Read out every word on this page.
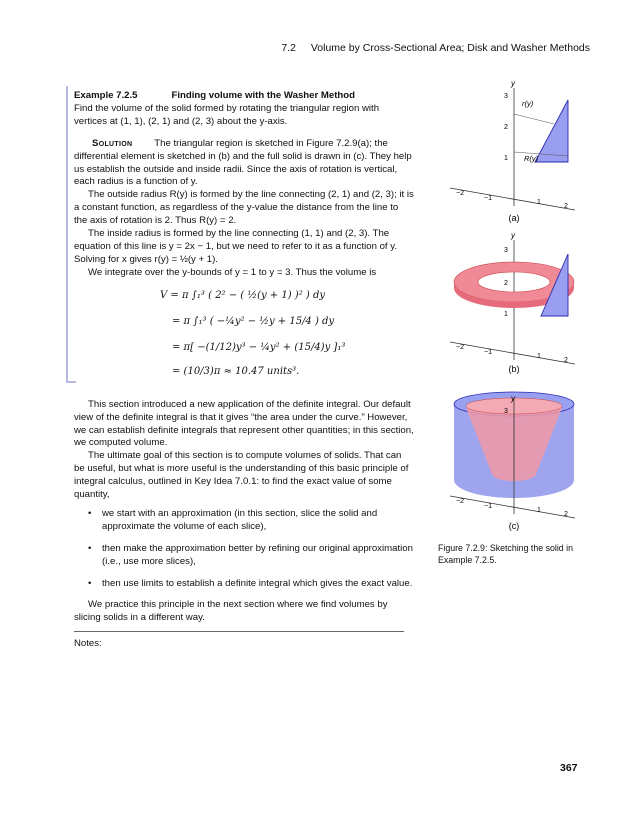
7.2 Volume by Cross-Sectional Area; Disk and Washer Methods
Example 7.2.5	Finding volume with the Washer Method

Find the volume of the solid formed by rotating the triangular region with vertices at (1, 1), (2, 1) and (2, 3) about the y-axis.

Solution The triangular region is sketched in Figure 7.2.9(a); the differential element is sketched in (b) and the full solid is drawn in (c). They help us establish the outside and inside radii. Since the axis of rotation is vertical, each radius is a function of y.

The outside radius R(y) is formed by the line connecting (2, 1) and (2, 3); it is a constant function, as regardless of the y-value the distance from the line to the axis of rotation is 2. Thus R(y) = 2.

The inside radius is formed by the line connecting (1, 1) and (2, 3). The equation of this line is y = 2x − 1, but we need to refer to it as a function of y. Solving for x gives r(y) = ½(y + 1).

We integrate over the y-bounds of y = 1 to y = 3. Thus the volume is

V = π ∫₁³ ( 2² − ( ½(y + 1) )² ) dy
= π ∫₁³ ( −¼y² − ½y + 15/4 ) dy
= π[ −(1/12)y³ − ¼y² + (15/4)y ]₁³
= (10/3)π ≈ 10.47 units³.

This section introduced a new application of the definite integral. Our default view of the definite integral is that it gives “the area under the curve.” However, we can establish definite integrals that represent other quantities; in this section, we computed volume.

The ultimate goal of this section is to compute volumes of solids. That can be useful, but what is more useful is the understanding of this basic principle of integral calculus, outlined in Key Idea 7.0.1: to find the exact value of some quantity,

• we start with an approximation (in this section, slice the solid and approximate the volume of each slice),
• then make the approximation better by refining our original approximation (i.e., use more slices),
• then use limits to establish a definite integral which gives the exact value.

We practice this principle in the next section where we find volumes by slicing solids in a different way.

Notes:
367
y
3
2
1
−2
−1
1
2
r(y)
R(y)
(a)
y
3
2
1
−2
−1
1
2
(b)
y
3
−2
−1
1
2
(c)
Figure 7.2.9: Sketching the solid in Example 7.2.5.
